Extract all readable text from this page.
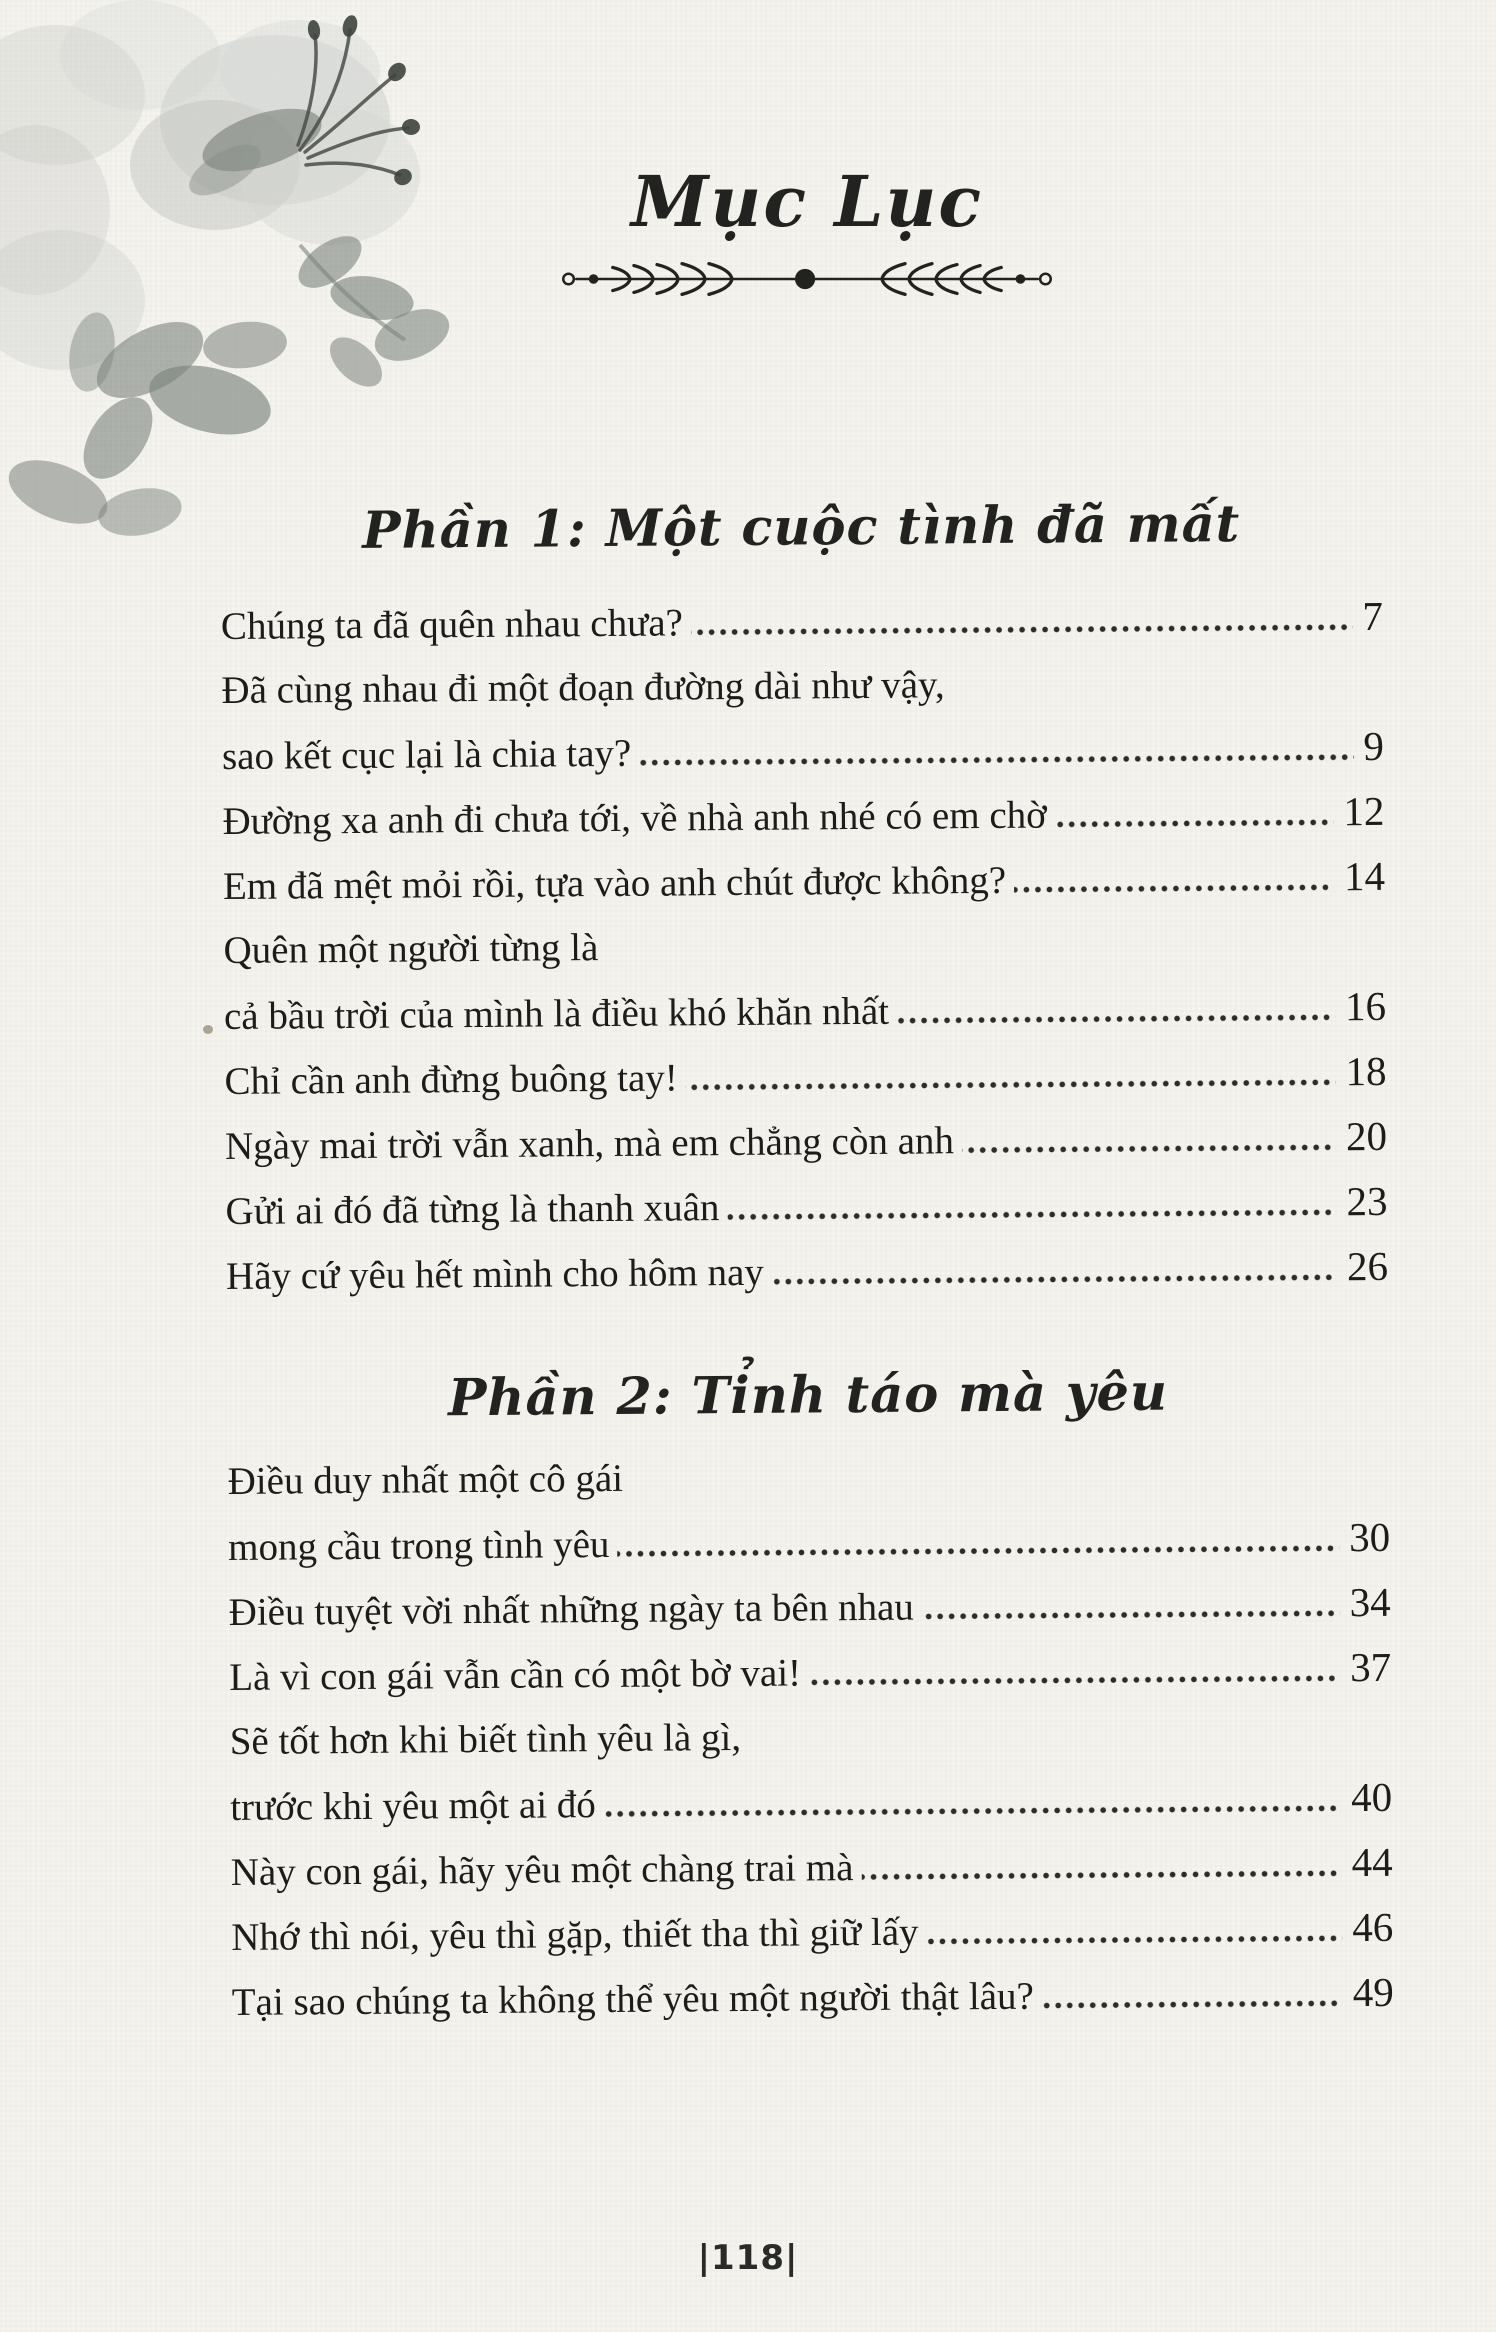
Mục Lục
Phần 1: Một cuộc tình đã mất
Chúng ta đã quên nhau chưa?	7
Đã cùng nhau đi một đoạn đường dài như vậy,
sao kết cục lại là chia tay?	9
Đường xa anh đi chưa tới, về nhà anh nhé có em chờ	12
Em đã mệt mỏi rồi, tựa vào anh chút được không?	14
Quên một người từng là
cả bầu trời của mình là điều khó khăn nhất	16
Chỉ cần anh đừng buông tay!	18
Ngày mai trời vẫn xanh, mà em chẳng còn anh	20
Gửi ai đó đã từng là thanh xuân	23
Hãy cứ yêu hết mình cho hôm nay	26
Phần 2: Tỉnh táo mà yêu
Điều duy nhất một cô gái
mong cầu trong tình yêu	30
Điều tuyệt vời nhất những ngày ta bên nhau	34
Là vì con gái vẫn cần có một bờ vai!	37
Sẽ tốt hơn khi biết tình yêu là gì,
trước khi yêu một ai đó	40
Này con gái, hãy yêu một chàng trai mà	44
Nhớ thì nói, yêu thì gặp, thiết tha thì giữ lấy	46
Tại sao chúng ta không thể yêu một người thật lâu?	49
|118|
